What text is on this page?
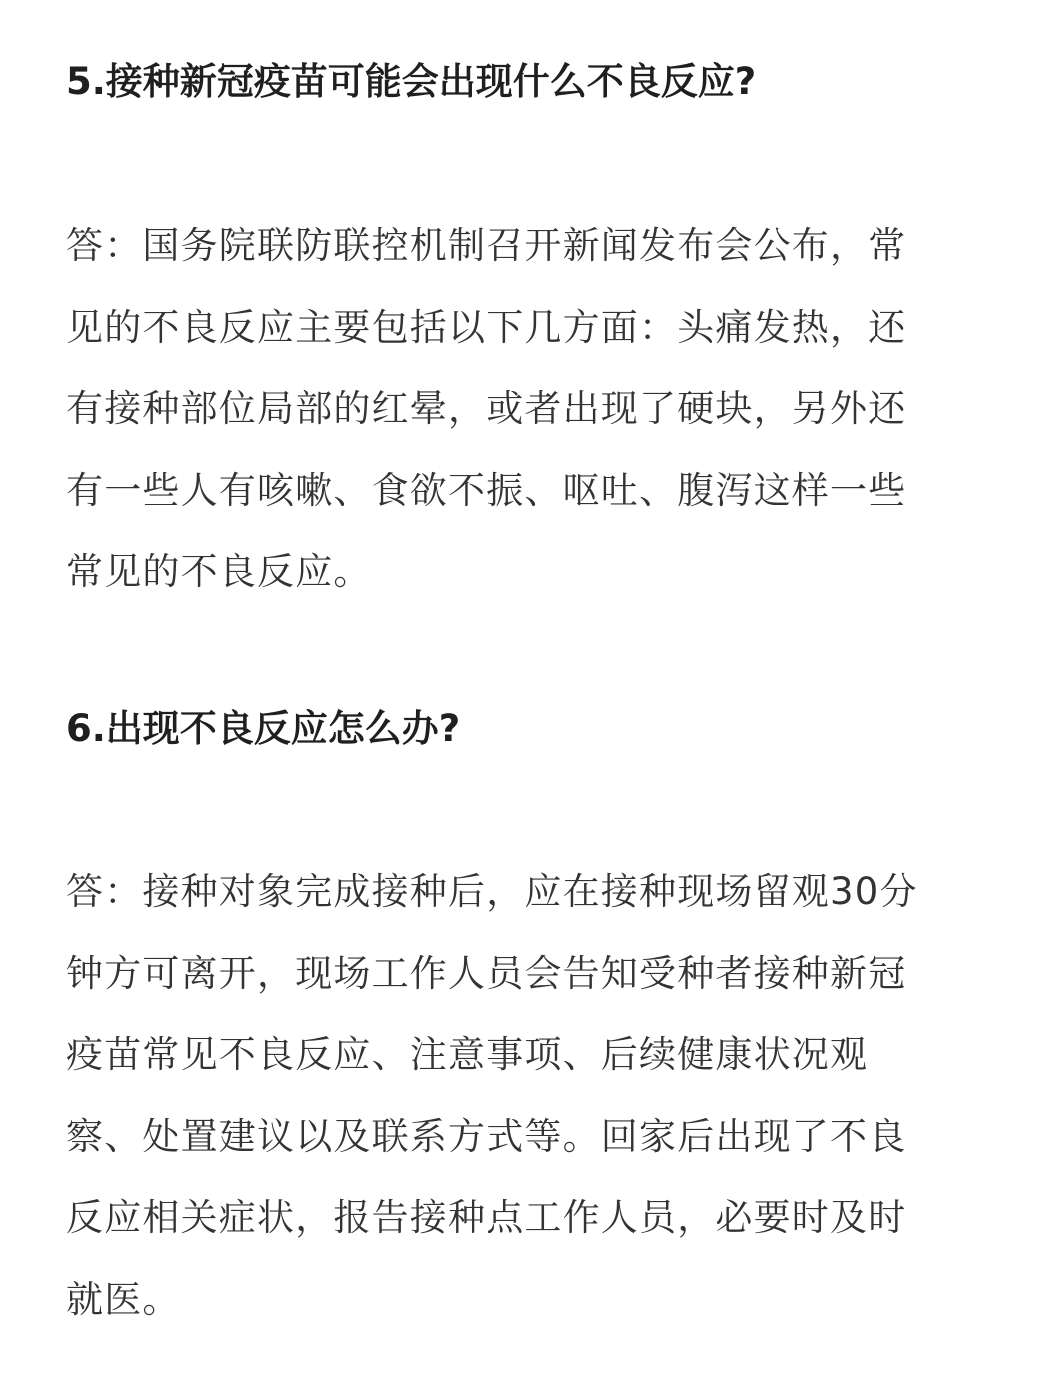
5.接种新冠疫苗可能会出现什么不良反应?
答：国务院联防联控机制召开新闻发布会公布，常
见的不良反应主要包括以下几方面：头痛发热，还
有接种部位局部的红晕，或者出现了硬块，另外还
有一些人有咳嗽、食欲不振、呕吐、腹泻这样一些
常见的不良反应。
6.出现不良反应怎么办?
答：接种对象完成接种后，应在接种现场留观30分
钟方可离开，现场工作人员会告知受种者接种新冠
疫苗常见不良反应、注意事项、后续健康状况观
察、处置建议以及联系方式等。回家后出现了不良
反应相关症状，报告接种点工作人员，必要时及时
就医。
